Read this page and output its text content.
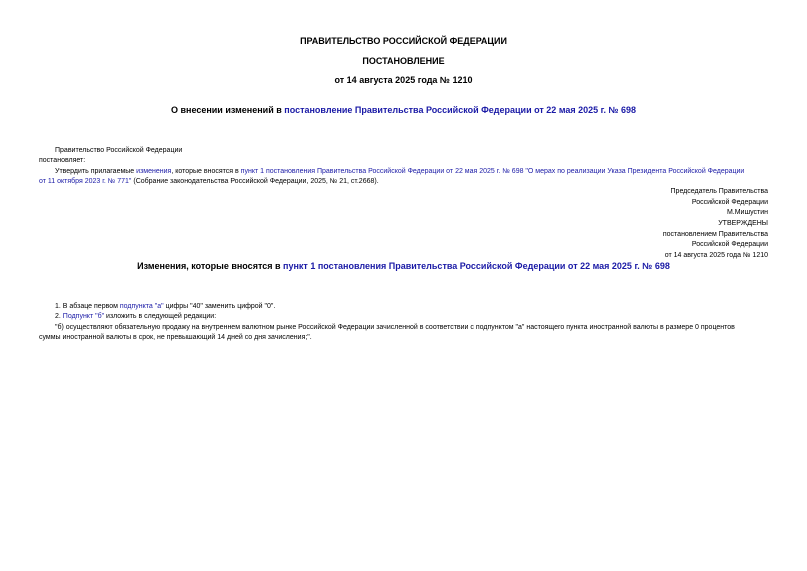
ПРАВИТЕЛЬСТВО РОССИЙСКОЙ ФЕДЕРАЦИИ
ПОСТАНОВЛЕНИЕ
от 14 августа 2025 года № 1210
О внесении изменений в постановление Правительства Российской Федерации от 22 мая 2025 г. № 698
Правительство Российской Федерации
постановляет:
Утвердить прилагаемые изменения, которые вносятся в пункт 1 постановления Правительства Российской Федерации от 22 мая 2025 г. № 698 "О мерах по реализации Указа Президента Российской Федерации
от 11 октября 2023 г. № 771" (Собрание законодательства Российской Федерации, 2025, № 21, ст.2668).
Председатель Правительства
Российской Федерации
М.Мишустин
УТВЕРЖДЕНЫ
постановлением Правительства
Российской Федерации
от 14 августа 2025 года № 1210
Изменения, которые вносятся в пункт 1 постановления Правительства Российской Федерации от 22 мая 2025 г. № 698
1. В абзаце первом подпункта "а" цифры "40" заменить цифрой "0".
2. Подпункт "б" изложить в следующей редакции:
"б) осуществляют обязательную продажу на внутреннем валютном рынке Российской Федерации зачисленной в соответствии с подпунктом "а" настоящего пункта иностранной валюты в размере 0 процентов
суммы иностранной валюты в срок, не превышающий 14 дней со дня зачисления;".
